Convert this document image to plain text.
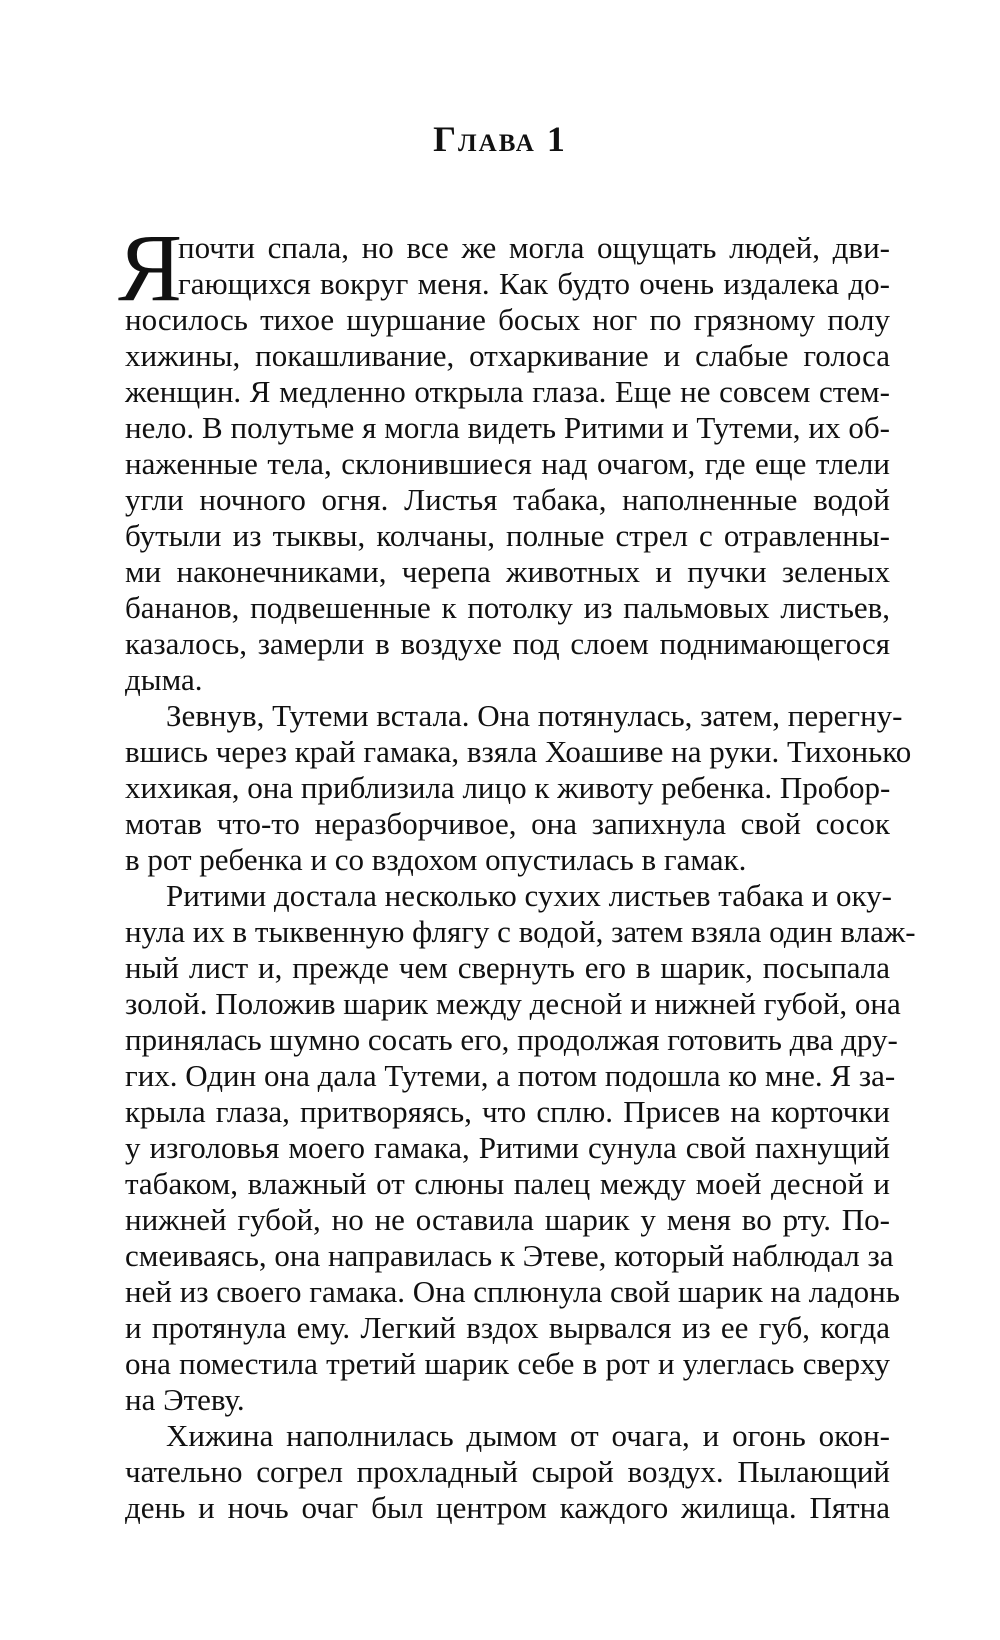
Глава 1
Я
почти спала, но все же могла ощущать людей, дви-
гающихся вокруг меня. Как будто очень издалека до-
носилось тихое шуршание босых ног по грязному полу
хижины, покашливание, отхаркивание и слабые голоса
женщин. Я медленно открыла глаза. Еще не совсем стем-
нело. В полутьме я могла видеть Ритими и Тутеми, их об-
наженные тела, склонившиеся над очагом, где еще тлели
угли ночного огня. Листья табака, наполненные водой
бутыли из тыквы, колчаны, полные стрел с отравленны-
ми наконечниками, черепа животных и пучки зеленых
бананов, подвешенные к потолку из пальмовых листьев,
казалось, замерли в воздухе под слоем поднимающегося
дыма.
Зевнув, Тутеми встала. Она потянулась, затем, перегну-
вшись через край гамака, взяла Хоашиве на руки. Тихонько
хихикая, она приблизила лицо к животу ребенка. Пробор-
мотав что-то неразборчивое, она запихнула свой сосок
в рот ребенка и со вздохом опустилась в гамак.
Ритими достала несколько сухих листьев табака и оку-
нула их в тыквенную флягу с водой, затем взяла один влаж-
ный лист и, прежде чем свернуть его в шарик, посыпала
золой. Положив шарик между десной и нижней губой, она
принялась шумно сосать его, продолжая готовить два дру-
гих. Один она дала Тутеми, а потом подошла ко мне. Я за-
крыла глаза, притворяясь, что сплю. Присев на корточки
у изголовья моего гамака, Ритими сунула свой пахнущий
табаком, влажный от слюны палец между моей десной и
нижней губой, но не оставила шарик у меня во рту. По-
смеиваясь, она направилась к Этеве, который наблюдал за
ней из своего гамака. Она сплюнула свой шарик на ладонь
и протянула ему. Легкий вздох вырвался из ее губ, когда
она поместила третий шарик себе в рот и улеглась сверху
на Этеву.
Хижина наполнилась дымом от очага, и огонь окон-
чательно согрел прохладный сырой воздух. Пылающий
день и ночь очаг был центром каждого жилища. Пятна
